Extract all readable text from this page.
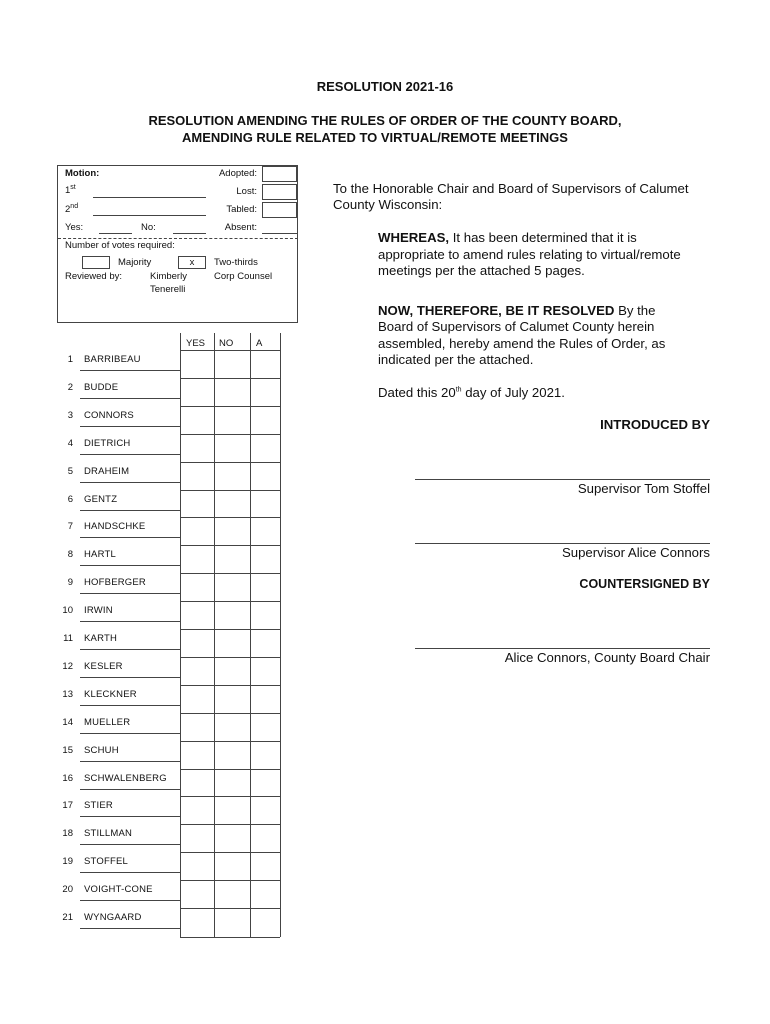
RESOLUTION 2021-16
RESOLUTION AMENDING THE RULES OF ORDER OF THE COUNTY BOARD,
AMENDING RULE RELATED TO VIRTUAL/REMOTE MEETINGS
Motion:
1st
2nd
Yes:	No:
Adopted:
Lost:
Tabled:
Absent:
Number of votes required:
Majority	x	Two-thirds
Reviewed by:	Kimberly
Tenerelli
Corp Counsel
YES NO A
1 BARRIBEAU
2 BUDDE
3 CONNORS
4 DIETRICH
5 DRAHEIM
6 GENTZ
7 HANDSCHKE
8 HARTL
9 HOFBERGER
10 IRWIN
11 KARTH
12 KESLER
13 KLECKNER
14 MUELLER
15 SCHUH
16 SCHWALENBERG
17 STIER
18 STILLMAN
19 STOFFEL
20 VOIGHT-CONE
21 WYNGAARD
To the Honorable Chair and Board of Supervisors of Calumet
County Wisconsin:
WHEREAS, It has been determined that it is
appropriate to amend rules relating to virtual/remote
meetings per the attached 5 pages.
NOW, THEREFORE, BE IT RESOLVED By the
Board of Supervisors of Calumet County herein
assembled, hereby amend the Rules of Order, as
indicated per the attached.
Dated this 20th day of July 2021.
INTRODUCED BY
Supervisor Tom Stoffel
Supervisor Alice Connors
COUNTERSIGNED BY
Alice Connors, County Board Chair
